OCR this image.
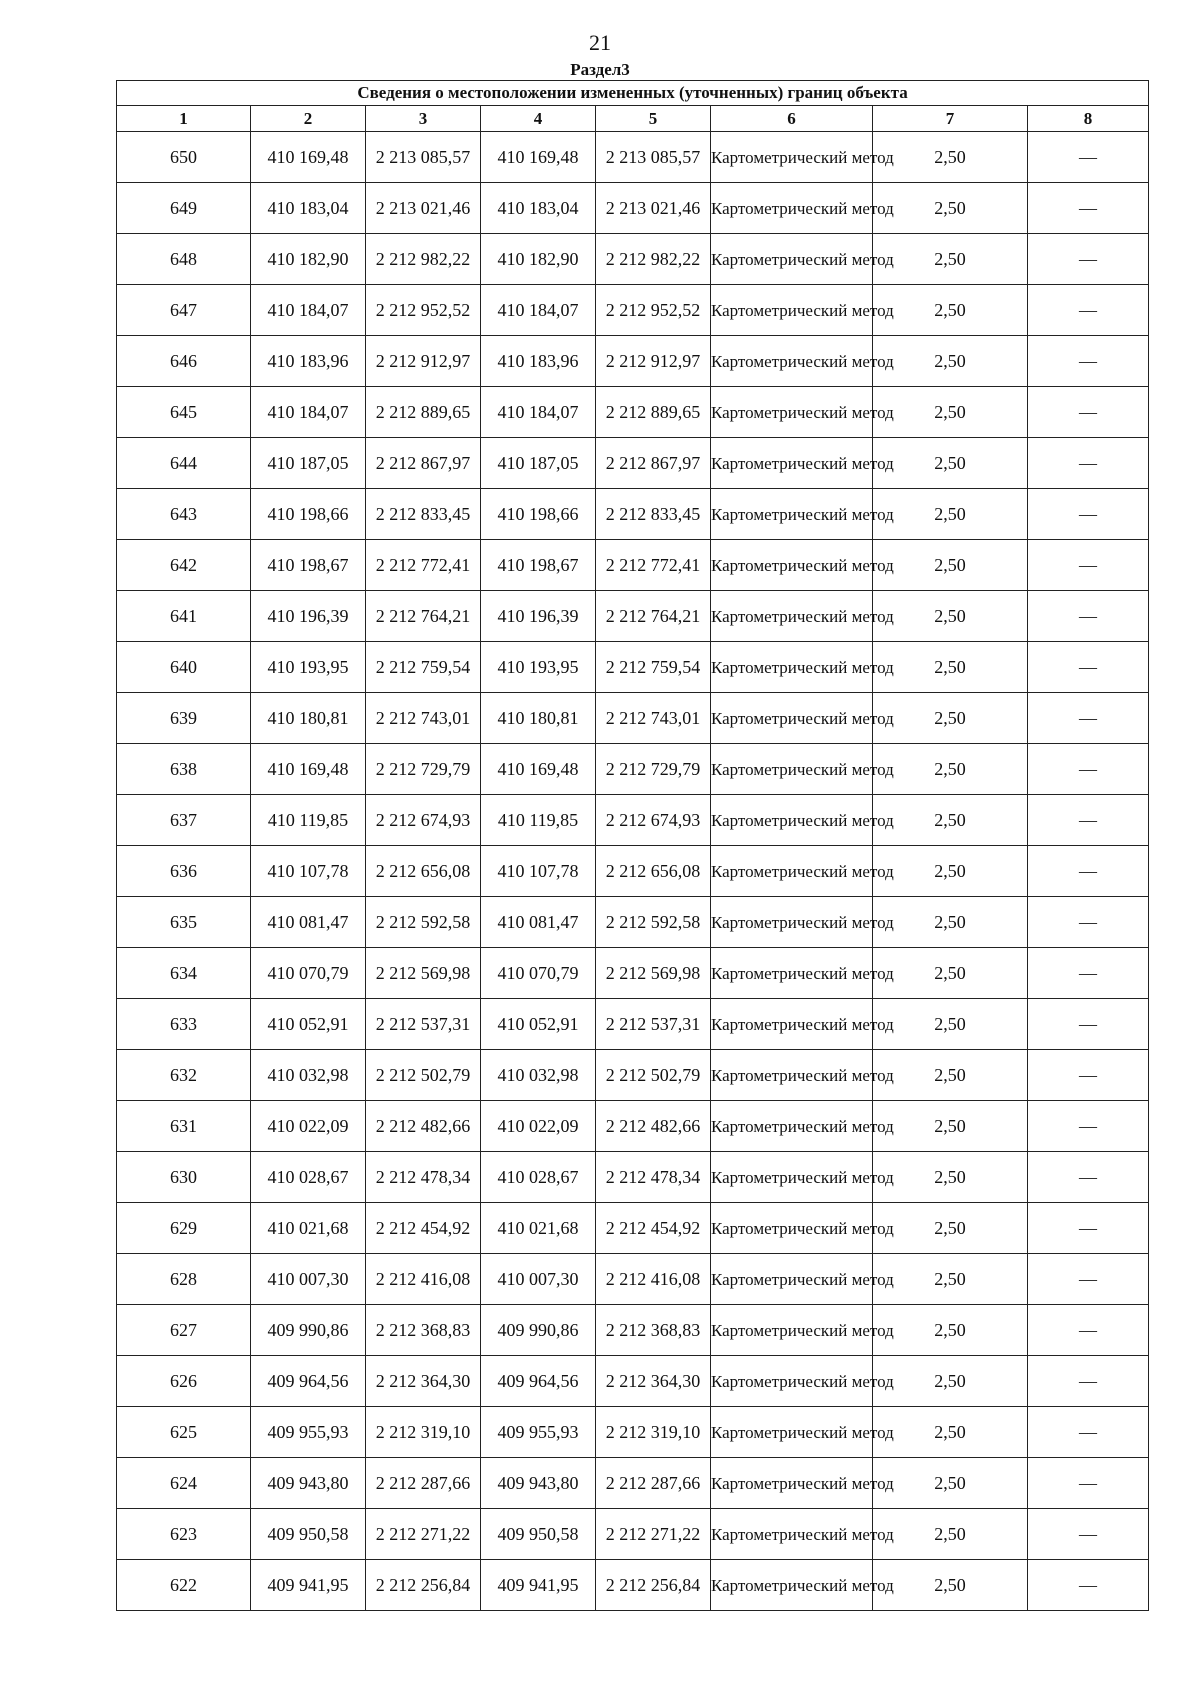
21
Раздел3
Сведения о местоположении измененных (уточненных) границ объекта							
1	2	3	4	5	6	7	8
650	410 169,48	2 213 085,57	410 169,48	2 213 085,57	Картометрический метод	2,50	—
649	410 183,04	2 213 021,46	410 183,04	2 213 021,46	Картометрический метод	2,50	—
648	410 182,90	2 212 982,22	410 182,90	2 212 982,22	Картометрический метод	2,50	—
647	410 184,07	2 212 952,52	410 184,07	2 212 952,52	Картометрический метод	2,50	—
646	410 183,96	2 212 912,97	410 183,96	2 212 912,97	Картометрический метод	2,50	—
645	410 184,07	2 212 889,65	410 184,07	2 212 889,65	Картометрический метод	2,50	—
644	410 187,05	2 212 867,97	410 187,05	2 212 867,97	Картометрический метод	2,50	—
643	410 198,66	2 212 833,45	410 198,66	2 212 833,45	Картометрический метод	2,50	—
642	410 198,67	2 212 772,41	410 198,67	2 212 772,41	Картометрический метод	2,50	—
641	410 196,39	2 212 764,21	410 196,39	2 212 764,21	Картометрический метод	2,50	—
640	410 193,95	2 212 759,54	410 193,95	2 212 759,54	Картометрический метод	2,50	—
639	410 180,81	2 212 743,01	410 180,81	2 212 743,01	Картометрический метод	2,50	—
638	410 169,48	2 212 729,79	410 169,48	2 212 729,79	Картометрический метод	2,50	—
637	410 119,85	2 212 674,93	410 119,85	2 212 674,93	Картометрический метод	2,50	—
636	410 107,78	2 212 656,08	410 107,78	2 212 656,08	Картометрический метод	2,50	—
635	410 081,47	2 212 592,58	410 081,47	2 212 592,58	Картометрический метод	2,50	—
634	410 070,79	2 212 569,98	410 070,79	2 212 569,98	Картометрический метод	2,50	—
633	410 052,91	2 212 537,31	410 052,91	2 212 537,31	Картометрический метод	2,50	—
632	410 032,98	2 212 502,79	410 032,98	2 212 502,79	Картометрический метод	2,50	—
631	410 022,09	2 212 482,66	410 022,09	2 212 482,66	Картометрический метод	2,50	—
630	410 028,67	2 212 478,34	410 028,67	2 212 478,34	Картометрический метод	2,50	—
629	410 021,68	2 212 454,92	410 021,68	2 212 454,92	Картометрический метод	2,50	—
628	410 007,30	2 212 416,08	410 007,30	2 212 416,08	Картометрический метод	2,50	—
627	409 990,86	2 212 368,83	409 990,86	2 212 368,83	Картометрический метод	2,50	—
626	409 964,56	2 212 364,30	409 964,56	2 212 364,30	Картометрический метод	2,50	—
625	409 955,93	2 212 319,10	409 955,93	2 212 319,10	Картометрический метод	2,50	—
624	409 943,80	2 212 287,66	409 943,80	2 212 287,66	Картометрический метод	2,50	—
623	409 950,58	2 212 271,22	409 950,58	2 212 271,22	Картометрический метод	2,50	—
622	409 941,95	2 212 256,84	409 941,95	2 212 256,84	Картометрический метод	2,50	—
